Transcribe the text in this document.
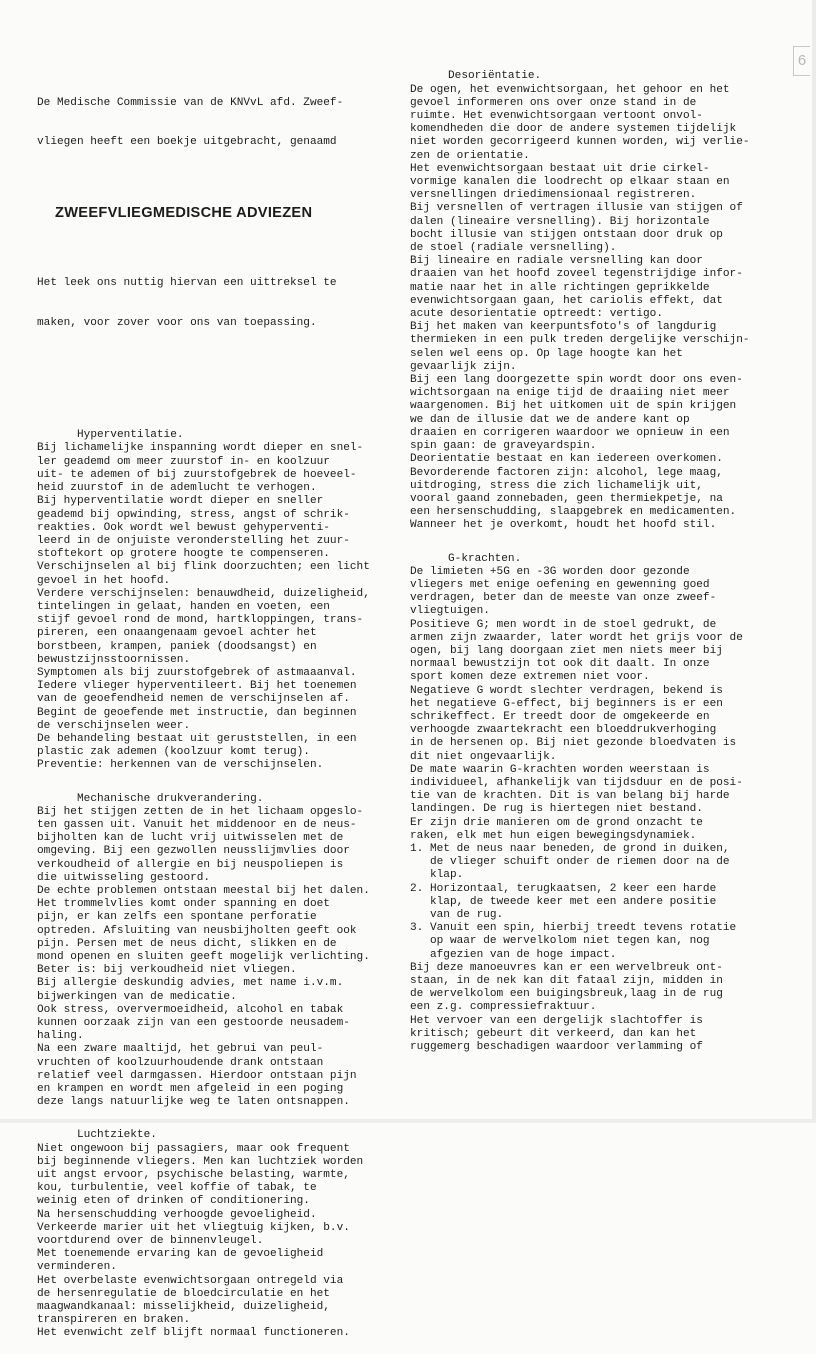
6

De Medische Commissie van de KNVvL afd. Zweef-

vliegen heeft een boekje uitgebracht, genaamd

ZWEEFVLIEGMEDISCHE ADVIEZEN

Het leek ons nuttig hiervan een uittreksel te

maken, voor zover voor ons van toepassing.

Hyperventilatie.
Bij lichamelijke inspanning wordt dieper en snel-
ler geademd om meer zuurstof in- en koolzuur
uit- te ademen of bij zuurstofgebrek de hoeveel-
heid zuurstof in de ademlucht te verhogen.
Bij hyperventilatie wordt dieper en sneller
geademd bij opwinding, stress, angst of schrik-
reakties. Ook wordt wel bewust gehyperventi-
leerd in de onjuiste veronderstelling het zuur-
stoftekort op grotere hoogte te compenseren.
Verschijnselen al bij flink doorzuchten; een licht
gevoel in het hoofd.
Verdere verschijnselen: benauwdheid, duizeligheid,
tintelingen in gelaat, handen en voeten, een
stijf gevoel rond de mond, hartkloppingen, trans-
pireren, een onaangenaam gevoel achter het
borstbeen, krampen, paniek (doodsangst) en
bewustzijnsstoornissen.
Symptomen als bij zuurstofgebrek of astmaaanval.
Iedere vlieger hyperventileert. Bij het toenemen
van de geoefendheid nemen de verschijnselen af.
Begint de geoefende met instructie, dan beginnen
de verschijnselen weer.
De behandeling bestaat uit geruststellen, in een
plastic zak ademen (koolzuur komt terug).
Preventie: herkennen van de verschijnselen.
Mechanische drukverandering.
Bij het stijgen zetten de in het lichaam opgeslo-
ten gassen uit. Vanuit het middenoor en de neus-
bijholten kan de lucht vrij uitwisselen met de
omgeving. Bij een gezwollen neusslijmvlies door
verkoudheid of allergie en bij neuspoliepen is
die uitwisseling gestoord.
De echte problemen ontstaan meestal bij het dalen.
Het trommelvlies komt onder spanning en doet
pijn, er kan zelfs een spontane perforatie
optreden. Afsluiting van neusbijholten geeft ook
pijn. Persen met de neus dicht, slikken en de
mond openen en sluiten geeft mogelijk verlichting.
Beter is: bij verkoudheid niet vliegen.
Bij allergie deskundig advies, met name i.v.m.
bijwerkingen van de medicatie.
Ook stress, oververmoeidheid, alcohol en tabak
kunnen oorzaak zijn van een gestoorde neusadem-
haling.
Na een zware maaltijd, het gebrui van peul-
vruchten of koolzuurhoudende drank ontstaan
relatief veel darmgassen. Hierdoor ontstaan pijn
en krampen en wordt men afgeleid in een poging
deze langs natuurlijke weg te laten ontsnappen.
Luchtziekte.
Niet ongewoon bij passagiers, maar ook frequent
bij beginnende vliegers. Men kan luchtziek worden
uit angst ervoor, psychische belasting, warmte,
kou, turbulentie, veel koffie of tabak, te
weinig eten of drinken of conditionering.
Na hersenschudding verhoogde gevoeligheid.
Verkeerde marier uit het vliegtuig kijken, b.v.
voortdurend over de binnenvleugel.
Met toenemende ervaring kan de gevoeligheid
verminderen.
Het overbelaste evenwichtsorgaan ontregeld via
de hersenregulatie de bloedcirculatie en het
maagwandkanaal: misselijkheid, duizeligheid,
transpireren en braken.
Het evenwicht zelf blijft normaal functioneren.

Desoriëntatie.
De ogen, het evenwichtsorgaan, het gehoor en het
gevoel informeren ons over onze stand in de
ruimte. Het evenwichtsorgaan vertoont onvol-
komendheden die door de andere systemen tijdelijk
niet worden gecorrigeerd kunnen worden, wij verlie-
zen de orientatie.
Het evenwichtsorgaan bestaat uit drie cirkel-
vormige kanalen die loodrecht op elkaar staan en
versnellingen driedimensionaal registreren.
Bij versnellen of vertragen illusie van stijgen of
dalen (lineaire versnelling). Bij horizontale
bocht illusie van stijgen ontstaan door druk op
de stoel (radiale versnelling).
Bij lineaire en radiale versnelling kan door
draaien van het hoofd zoveel tegenstrijdige infor-
matie naar het in alle richtingen geprikkelde
evenwichtsorgaan gaan, het cariolis effekt, dat
acute desorientatie optreedt: vertigo.
Bij het maken van keerpuntsfoto's of langdurig
thermieken in een pulk treden dergelijke verschijn-
selen wel eens op. Op lage hoogte kan het
gevaarlijk zijn.
Bij een lang doorgezette spin wordt door ons even-
wichtsorgaan na enige tijd de draaiing niet meer
waargenomen. Bij het uitkomen uit de spin krijgen
we dan de illusie dat we de andere kant op
draaien en corrigeren waardoor we opnieuw in een
spin gaan: de graveyardspin.
Deorientatie bestaat en kan iedereen overkomen.
Bevorderende factoren zijn: alcohol, lege maag,
uitdroging, stress die zich lichamelijk uit,
vooral gaand zonnebaden, geen thermiekpetje, na
een hersenschudding, slaapgebrek en medicamenten.
Wanneer het je overkomt, houdt het hoofd stil.
G-krachten.
De limieten +5G en -3G worden door gezonde
vliegers met enige oefening en gewenning goed
verdragen, beter dan de meeste van onze zweef-
vliegtuigen.
Positieve G; men wordt in de stoel gedrukt, de
armen zijn zwaarder, later wordt het grijs voor de
ogen, bij lang doorgaan ziet men niets meer bij
normaal bewustzijn tot ook dit daalt. In onze
sport komen deze extremen niet voor.
Negatieve G wordt slechter verdragen, bekend is
het negatieve G-effect, bij beginners is er een
schrikeffect. Er treedt door de omgekeerde en
verhoogde zwaartekracht een bloeddrukverhoging
in de hersenen op. Bij niet gezonde bloedvaten is
dit niet ongevaarlijk.
De mate waarin G-krachten worden weerstaan is
individueel, afhankelijk van tijdsduur en de posi-
tie van de krachten. Dit is van belang bij harde
landingen. De rug is hiertegen niet bestand.
Er zijn drie manieren om de grond onzacht te
raken, elk met hun eigen bewegingsdynamiek.
1. Met de neus naar beneden, de grond in duiken,
de vlieger schuift onder de riemen door na de
klap.
2. Horizontaal, terugkaatsen, 2 keer een harde
klap, de tweede keer met een andere positie
van de rug.
3. Vanuit een spin, hierbij treedt tevens rotatie
op waar de wervelkolom niet tegen kan, nog
afgezien van de hoge impact.
Bij deze manoeuvres kan er een wervelbreuk ont-
staan, in de nek kan dit fataal zijn, midden in
de wervelkolom een buigingsbreuk,laag in de rug
een z.g. compressiefraktuur.
Het vervoer van een dergelijk slachtoffer is
kritisch; gebeurt dit verkeerd, dan kan het
ruggemerg beschadigen waardoor verlamming of
